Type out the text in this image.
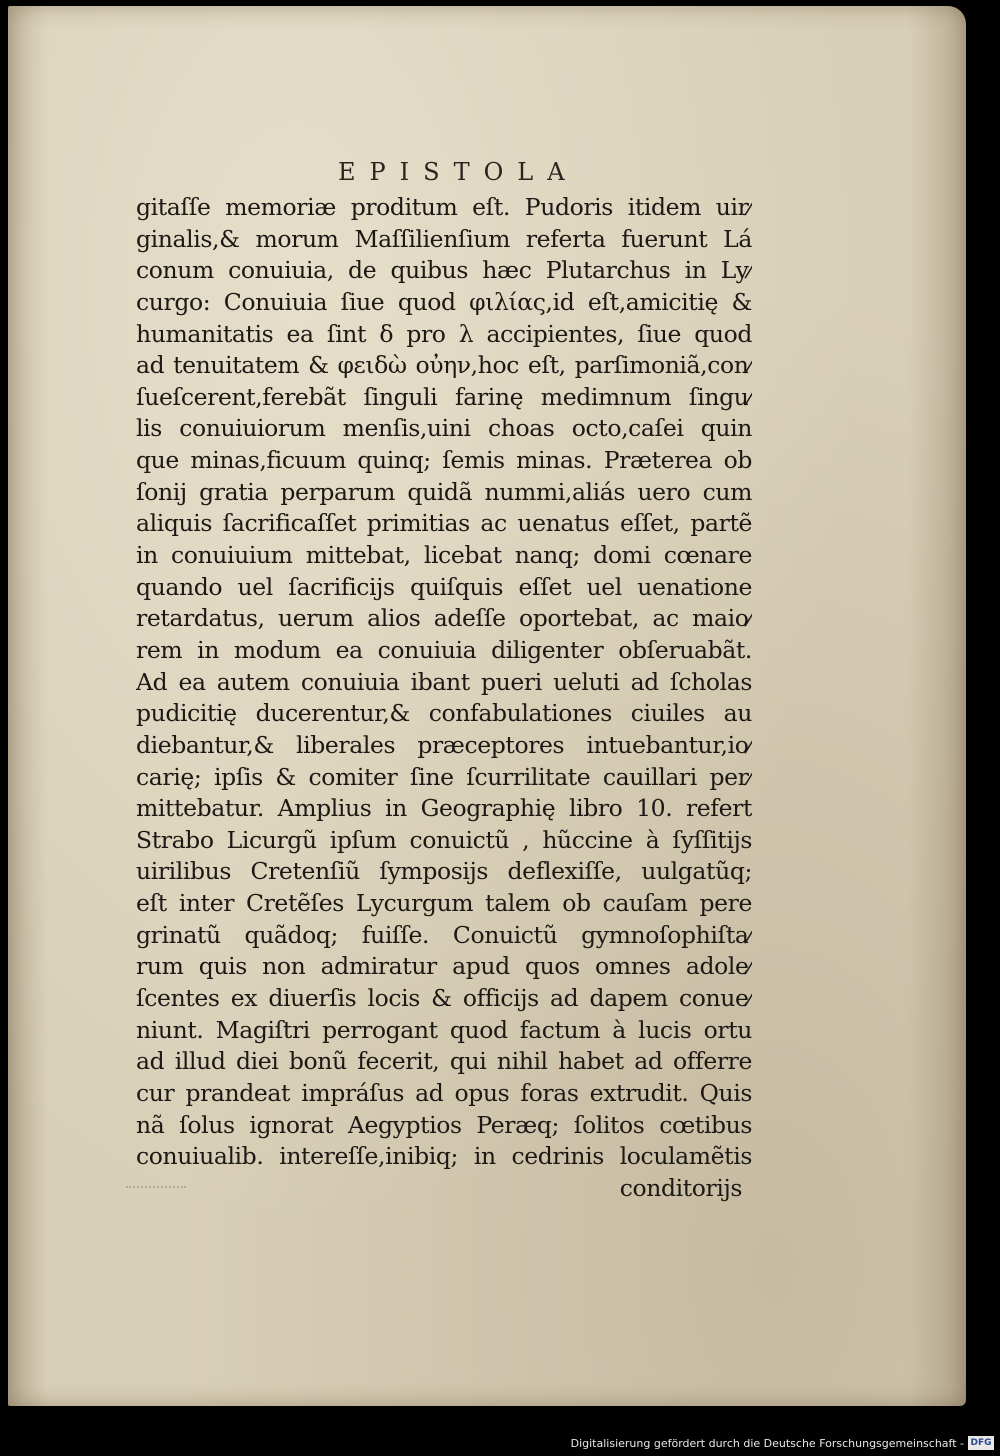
EPISTOLA
gitaſſe memoriæ proditum eſt. Pudoris itidem uir⁄
ginalis,& morum Maſſilienſium referta fuerunt Lá
conum conuiuia, de quibus hæc Plutarchus in Ly⁄
curgo: Conuiuia ſiue quod φιλίας,id eſt,amicitię &
humanitatis ea ſint δ pro λ accipientes, ſiue quod
ad tenuitatem & φειδὼ οὐην,hoc eſt, parſimoniã,con⁄
ſueſcerent,ferebãt ſinguli farinę medimnum ſingu⁄
lis conuiuiorum menſis,uini choas octo,caſei quin
que minas,ficuum quinq; ſemis minas. Præterea ob
ſonij gratia perparum quidã nummi,aliás uero cum
aliquis ſacrificaſſet primitias ac uenatus eſſet, partẽ
in conuiuium mittebat, licebat nanq; domi cœnare
quando uel ſacrificijs quiſquis eſſet uel uenatione
retardatus, uerum alios adeſſe oportebat, ac maio⁄
rem in modum ea conuiuia diligenter obſeruabãt.
Ad ea autem conuiuia ibant pueri ueluti ad ſcholas
pudicitię ducerentur,& confabulationes ciuiles au
diebantur,& liberales præceptores intuebantur,io⁄
carię; ipſis & comiter ſine ſcurrilitate cauillari per⁄
mittebatur. Amplius in Geographię libro 10. refert
Strabo Licurgũ ipſum conuictũ , hũccine à ſyſſitijs
uirilibus Cretenſiũ ſymposijs deflexiſſe, uulgatũq;
eſt inter Cretẽſes Lycurgum talem ob cauſam pere
grinatũ quãdoq; fuiſſe. Conuictũ gymnoſophiſta⁄
rum quis non admiratur apud quos omnes adole⁄
ſcentes ex diuerſis locis & officijs ad dapem conue⁄
niunt. Magiſtri perrogant quod factum à lucis ortu
ad illud diei bonũ fecerit, qui nihil habet ad offerre
cur prandeat impráſus ad opus foras extrudit. Quis
nã ſolus ignorat Aegyptios Peræq; ſolitos cœtibus
conuiualib. intereſſe,inibiq; in cedrinis loculamẽtis
conditorijs
Digitalisierung gefördert durch die Deutsche Forschungsgemeinschaft - DFG
